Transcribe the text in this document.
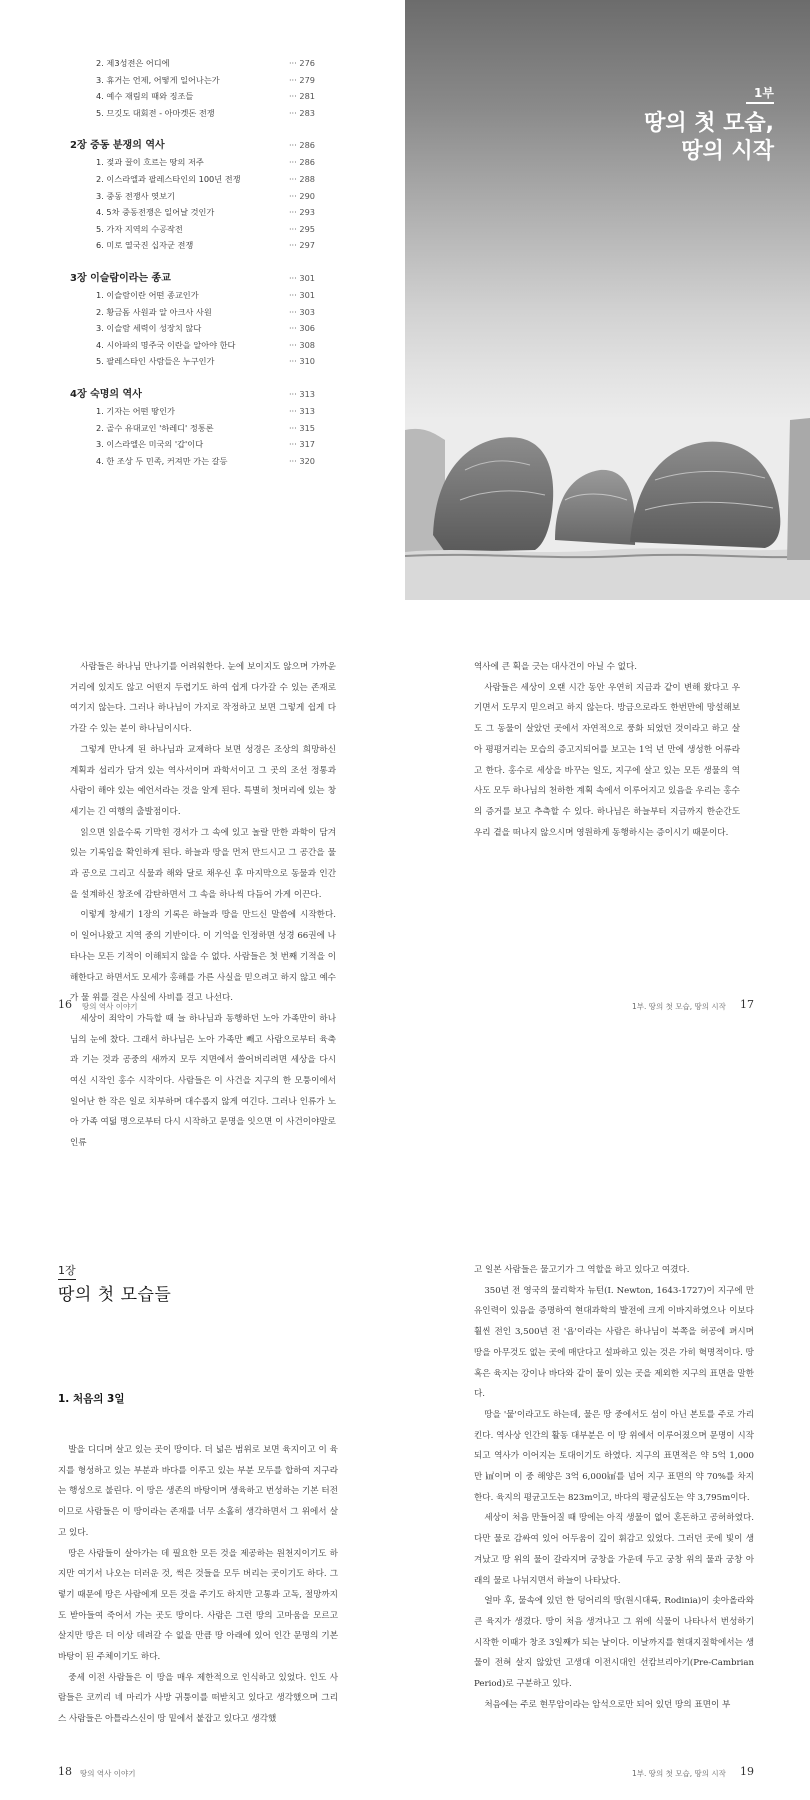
2. 제3성전은 어디에	··· 276
3. 휴거는 언제, 어떻게 일어나는가	··· 279
4. 예수 재림의 때와 징조들	··· 281
5. 므깃도 대회전 - 아마겟돈 전쟁	··· 283
2장 중동 분쟁의 역사	··· 286
1. 젖과 꿀이 흐르는 땅의 저주	··· 286
2. 이스라엘과 팔레스타인의 100년 전쟁	··· 288
3. 중동 전쟁사 엿보기	··· 290
4. 5차 중동전쟁은 일어날 것인가	··· 293
5. 가자 지역의 수공작전	··· 295
6. 미로 열국진 십자군 전쟁	··· 297
3장 이슬람이라는 종교	··· 301
1. 이슬람이란 어떤 종교인가	··· 301
2. 황금돔 사원과 알 아크사 사원	··· 303
3. 이슬람 세력이 성장치 않다	··· 306
4. 시아파의 명주국 이란을 알아야 한다	··· 308
5. 팔레스타인 사람들은 누구인가	··· 310
4장 숙명의 역사	··· 313
1. 기자는 어떤 땅인가	··· 313
2. 골수 유대교인 '하레디' 정통론	··· 315
3. 이스라엘은 미국의 '갑'이다	··· 317
4. 한 조상 두 민족, 커져만 가는 갈등	··· 320
1부
땅의 첫 모습,
땅의 시작

사람들은 하나님 만나기를 어려워한다. 눈에 보이지도 않으며 가까운 거리에 있지도 않고 어떤지 두렵기도 하여 쉽게 다가갈 수 있는 존재로 여기지 않는다. 그러나 하나님이 가지로 작정하고 보면 그렇게 쉽게 다가갈 수 있는 분이 하나님이시다.

그렇게 만나게 된 하나님과 교제하다 보면 성경은 조상의 희망하신 계획과 섭리가 담겨 있는 역사서이며 과학서이고 그 곳의 조선 정통과 사람이 해야 있는 예언서라는 것을 알게 된다. 특별히 첫머리에 있는 창세기는 긴 여행의 출발점이다.

읽으면 읽을수록 기막힌 경서가 그 속에 있고 놀랄 만한 과학이 담겨 있는 기록임을 확인하게 된다. 하늘과 땅을 먼저 만드시고 그 공간을 물과 공으로 그리고 식물과 해와 달로 채우신 후 마지막으로 동물과 인간을 설계하신 창조에 감탄하면서 그 속을 하나씩 다듬어 가게 이끈다.

이렇게 창세기 1장의 기록은 하늘과 땅을 만드신 말씀에 시작한다. 이 일어나왔고 지역 중의 기반이다. 이 기억을 인정하면 성경 66권에 나타나는 모든 기적이 이해되지 않을 수 없다. 사람들은 첫 번째 기적을 이해한다고 하면서도 모세가 홍해를 가른 사실을 믿으려고 하지 않고 예수가 물 위를 걸은 사실에 사비를 걸고 나선다.

세상이 죄악이 가득할 때 늘 하나님과 동행하던 노아 가족만이 하나님의 눈에 찼다. 그래서 하나님은 노아 가족만 빼고 사람으로부터 육축과 기는 것과 공중의 새까지 모두 지면에서 쓸어버리려면 세상을 다시 여신 시작인 홍수 시작이다. 사람들은 이 사건을 지구의 한 모퉁이에서 일어난 한 작은 일로 치부하며 대수롭지 않게 여긴다. 그러나 인류가 노아 가족 여덟 명으로부터 다시 시작하고 문명을 잇으면 이 사건이야말로 인류

16 땅의 역사 이야기

역사에 큰 획을 긋는 대사건이 아닐 수 없다.

사람들은 세상이 오랜 시간 동안 우연히 지금과 같이 변해 왔다고 우기면서 도무지 믿으려고 하지 않는다. 방금으로라도 한번만에 망설해보도 그 동물이 살았던 곳에서 자연적으로 풍화 되었던 것이라고 하고 살아 평평거리는 모습의 증고지되어를 보고는 1억 년 만에 생성한 어류라고 한다. 홍수로 세상을 바꾸는 일도, 지구에 살고 있는 모든 생물의 역사도 모두 하나님의 천하한 계획 속에서 이루어지고 있음을 우리는 홍수의 증거를 보고 추측할 수 있다. 하나님은 하늘부터 지금까지 한순간도 우리 곁을 떠나지 않으시며 영원하게 동행하시는 증이시기 때문이다.

1부. 땅의 첫 모습, 땅의 시작 17
1장
땅의 첫 모습들
1. 처음의 3일

발을 디디며 살고 있는 곳이 땅이다. 더 넓은 범위로 보면 육지이고 이 육지를 형성하고 있는 부분과 바다를 이루고 있는 부분 모두를 합하여 지구라는 행성으로 불린다. 이 땅은 생존의 바탕이며 생육하고 번성하는 기본 터전이므로 사람들은 이 땅이라는 존재를 너무 소홀히 생각하면서 그 위에서 살고 있다.

땅은 사람들이 살아가는 데 필요한 모든 것을 제공하는 원천지이기도 하지만 여기서 나오는 더러운 것, 썩은 것들을 모두 버리는 곳이기도 하다. 그렇기 때문에 땅은 사람에게 모든 것을 주기도 하지만 고통과 고독, 절망까지도 받아들여 죽어서 가는 곳도 땅이다. 사람은 그런 땅의 고마움을 모르고 살지만 땅은 더 이상 데려갈 수 없을 만큼 땅 아래에 있어 인간 문명의 기본바탕이 된 주체이기도 하다.

중세 이전 사람들은 이 땅을 매우 제한적으로 인식하고 있었다. 인도 사람들은 코끼리 네 마리가 사방 귀퉁이를 떠받치고 있다고 생각했으며 그리스 사람들은 아틀라스신이 땅 밑에서 붙잡고 있다고 생각했

18 땅의 역사 이야기

고 일본 사람들은 물고기가 그 역할을 하고 있다고 여겼다.

350년 전 영국의 물리학자 뉴턴(I. Newton, 1643-1727)이 지구에 만유인력이 있음을 증명하여 현대과학의 발전에 크게 이바지하였으나 이보다 훨씬 전인 3,500년 전 '욥'이라는 사람은 하나님이 북쪽을 허공에 펴시며 땅을 아무것도 없는 곳에 매단다고 설파하고 있는 것은 가히 혁명적이다. 땅 혹은 육지는 강이나 바다와 같이 물이 있는 곳을 제외한 지구의 표면을 말한다.

땅을 '뭍'이라고도 하는데, 물은 땅 중에서도 섬이 아닌 본토를 주로 가리킨다. 역사상 인간의 활동 대부분은 이 땅 위에서 이루어졌으며 문명이 시작되고 역사가 이어지는 토대이기도 하였다. 지구의 표면적은 약 5억 1,000만 ㎢이며 이 중 해양은 3억 6,000㎢를 넘어 지구 표면의 약 70%를 차지한다. 육지의 평균고도는 823m이고, 바다의 평균심도는 약 3,795m이다.

세상이 처음 만들어질 때 땅에는 아직 생물이 없어 혼돈하고 공허하였다. 다만 물로 감싸여 있어 어두움이 깊이 휘감고 있었다. 그러던 곳에 빛이 생겨났고 땅 위의 물이 갈라지며 궁창을 가운데 두고 궁창 위의 물과 궁창 아래의 물로 나뉘지면서 하늘이 나타났다.

얼마 후, 물속에 있던 한 덩어리의 땅(원시대륙, Rodinia)이 솟아올라와 큰 육지가 생겼다. 땅이 처음 생겨나고 그 위에 식물이 나타나서 번성하기 시작한 이때가 창조 3일째가 되는 날이다. 이날까지를 현대지질학에서는 생물이 전혀 살지 않았던 고생대 이전시대인 선캄브리아기(Pre-Cambrian Period)로 구분하고 있다.

처음에는 주로 현무암이라는 암석으로만 되어 있던 땅의 표면이 부

1부. 땅의 첫 모습, 땅의 시작 19
